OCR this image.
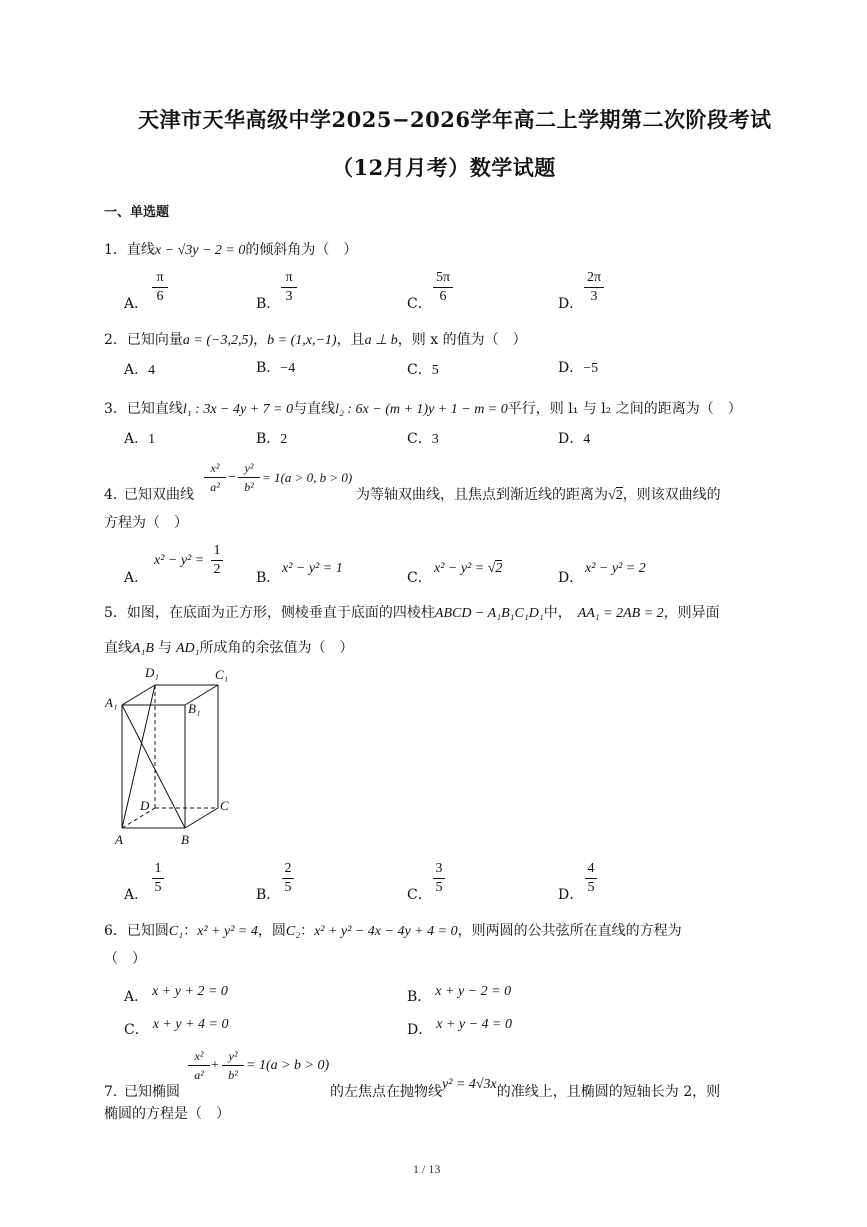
天津市天华高级中学2025−2026学年高二上学期第二次阶段考试
（12月月考）数学试题
一、单选题
1．直线x − √3y − 2 = 0的倾斜角为（　）
A．
π
6	B．
π
3	C．
5π
6	D．
2π
3
2．已知向量a = (−3,2,5)，b = (1,x,−1)，且a ⊥ b，则 x 的值为（　）
A．4	B．−4	C．5	D．−5
3．已知直线l₁ : 3x − 4y + 7 = 0与直线l₂ : 6x − (m + 1)y + 1 − m = 0平行，则 l₁ 与 l₂ 之间的距离为（　）
A．1	B．2	C．3	D．4
4．
已知双曲线
x²
a²
−
y²
b²
= 1(a > 0, b > 0)
为等轴双曲线，且焦点到渐近线的距离为√2，则该双曲线的
方程为（　）
A．
x² − y² =
1
2
B．
x² − y² = 1
C．
x² − y² = √2
D．
x² − y² = 2
5．如图，在底面为正方形，侧棱垂直于底面的四棱柱ABCD − A₁B₁C₁D₁中， AA₁ = 2AB = 2，则异面
直线A₁B 与 AD₁所成角的余弦值为（　）
D₁	C₁
A₁	B₁
D	C
A	B
A．
1
5	B．
2
5	C．
3
5	D．
4
5
6．已知圆C₁：x² + y² = 4，圆C₂：x² + y² − 4x − 4y + 4 = 0，则两圆的公共弦所在直线的方程为
（　）
A． x + y + 2 = 0	B． x + y − 2 = 0
C． x + y + 4 = 0	D． x + y − 4 = 0
7．
已知椭圆
x²
a²
+
y²
b²
= 1(a > b > 0)
的左焦点在抛物线y² = 4√3x的准线上，且椭圆的短轴长为 2，则
椭圆的方程是（　）
1 / 13
